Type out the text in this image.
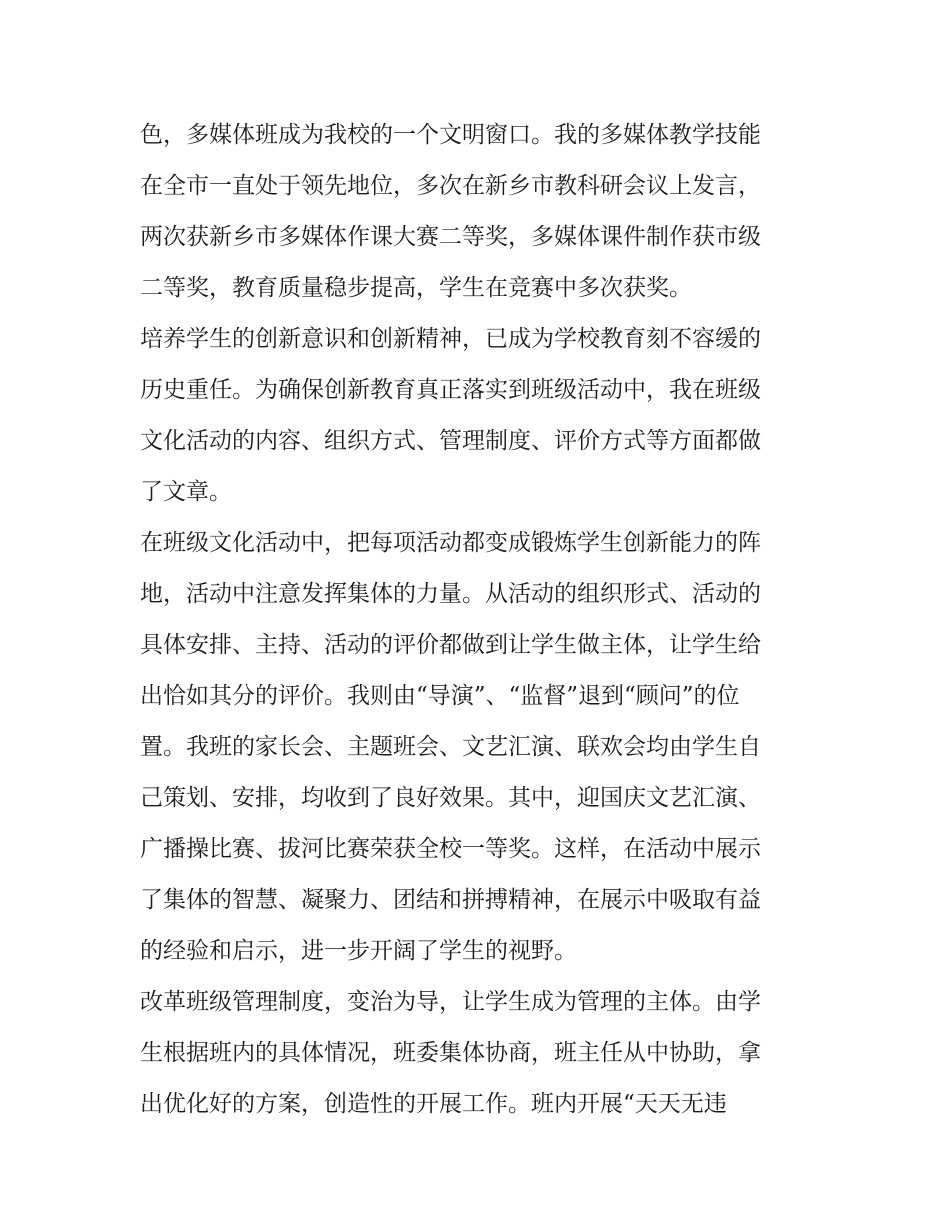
色，多媒体班成为我校的一个文明窗口。我的多媒体教学技能
在全市一直处于领先地位，多次在新乡市教科研会议上发言，
两次获新乡市多媒体作课大赛二等奖，多媒体课件制作获市级
二等奖，教育质量稳步提高，学生在竞赛中多次获奖。
培养学生的创新意识和创新精神，已成为学校教育刻不容缓的
历史重任。为确保创新教育真正落实到班级活动中，我在班级
文化活动的内容、组织方式、管理制度、评价方式等方面都做
了文章。
在班级文化活动中，把每项活动都变成锻炼学生创新能力的阵
地，活动中注意发挥集体的力量。从活动的组织形式、活动的
具体安排、主持、活动的评价都做到让学生做主体，让学生给
出恰如其分的评价。我则由“导演”、“监督”退到“顾问”的位
置。我班的家长会、主题班会、文艺汇演、联欢会均由学生自
己策划、安排，均收到了良好效果。其中，迎国庆文艺汇演、
广播操比赛、拔河比赛荣获全校一等奖。这样，在活动中展示
了集体的智慧、凝聚力、团结和拼搏精神，在展示中吸取有益
的经验和启示，进一步开阔了学生的视野。
改革班级管理制度，变治为导，让学生成为管理的主体。由学
生根据班内的具体情况，班委集体协商，班主任从中协助，拿
出优化好的方案，创造性的开展工作。班内开展“天天无违
